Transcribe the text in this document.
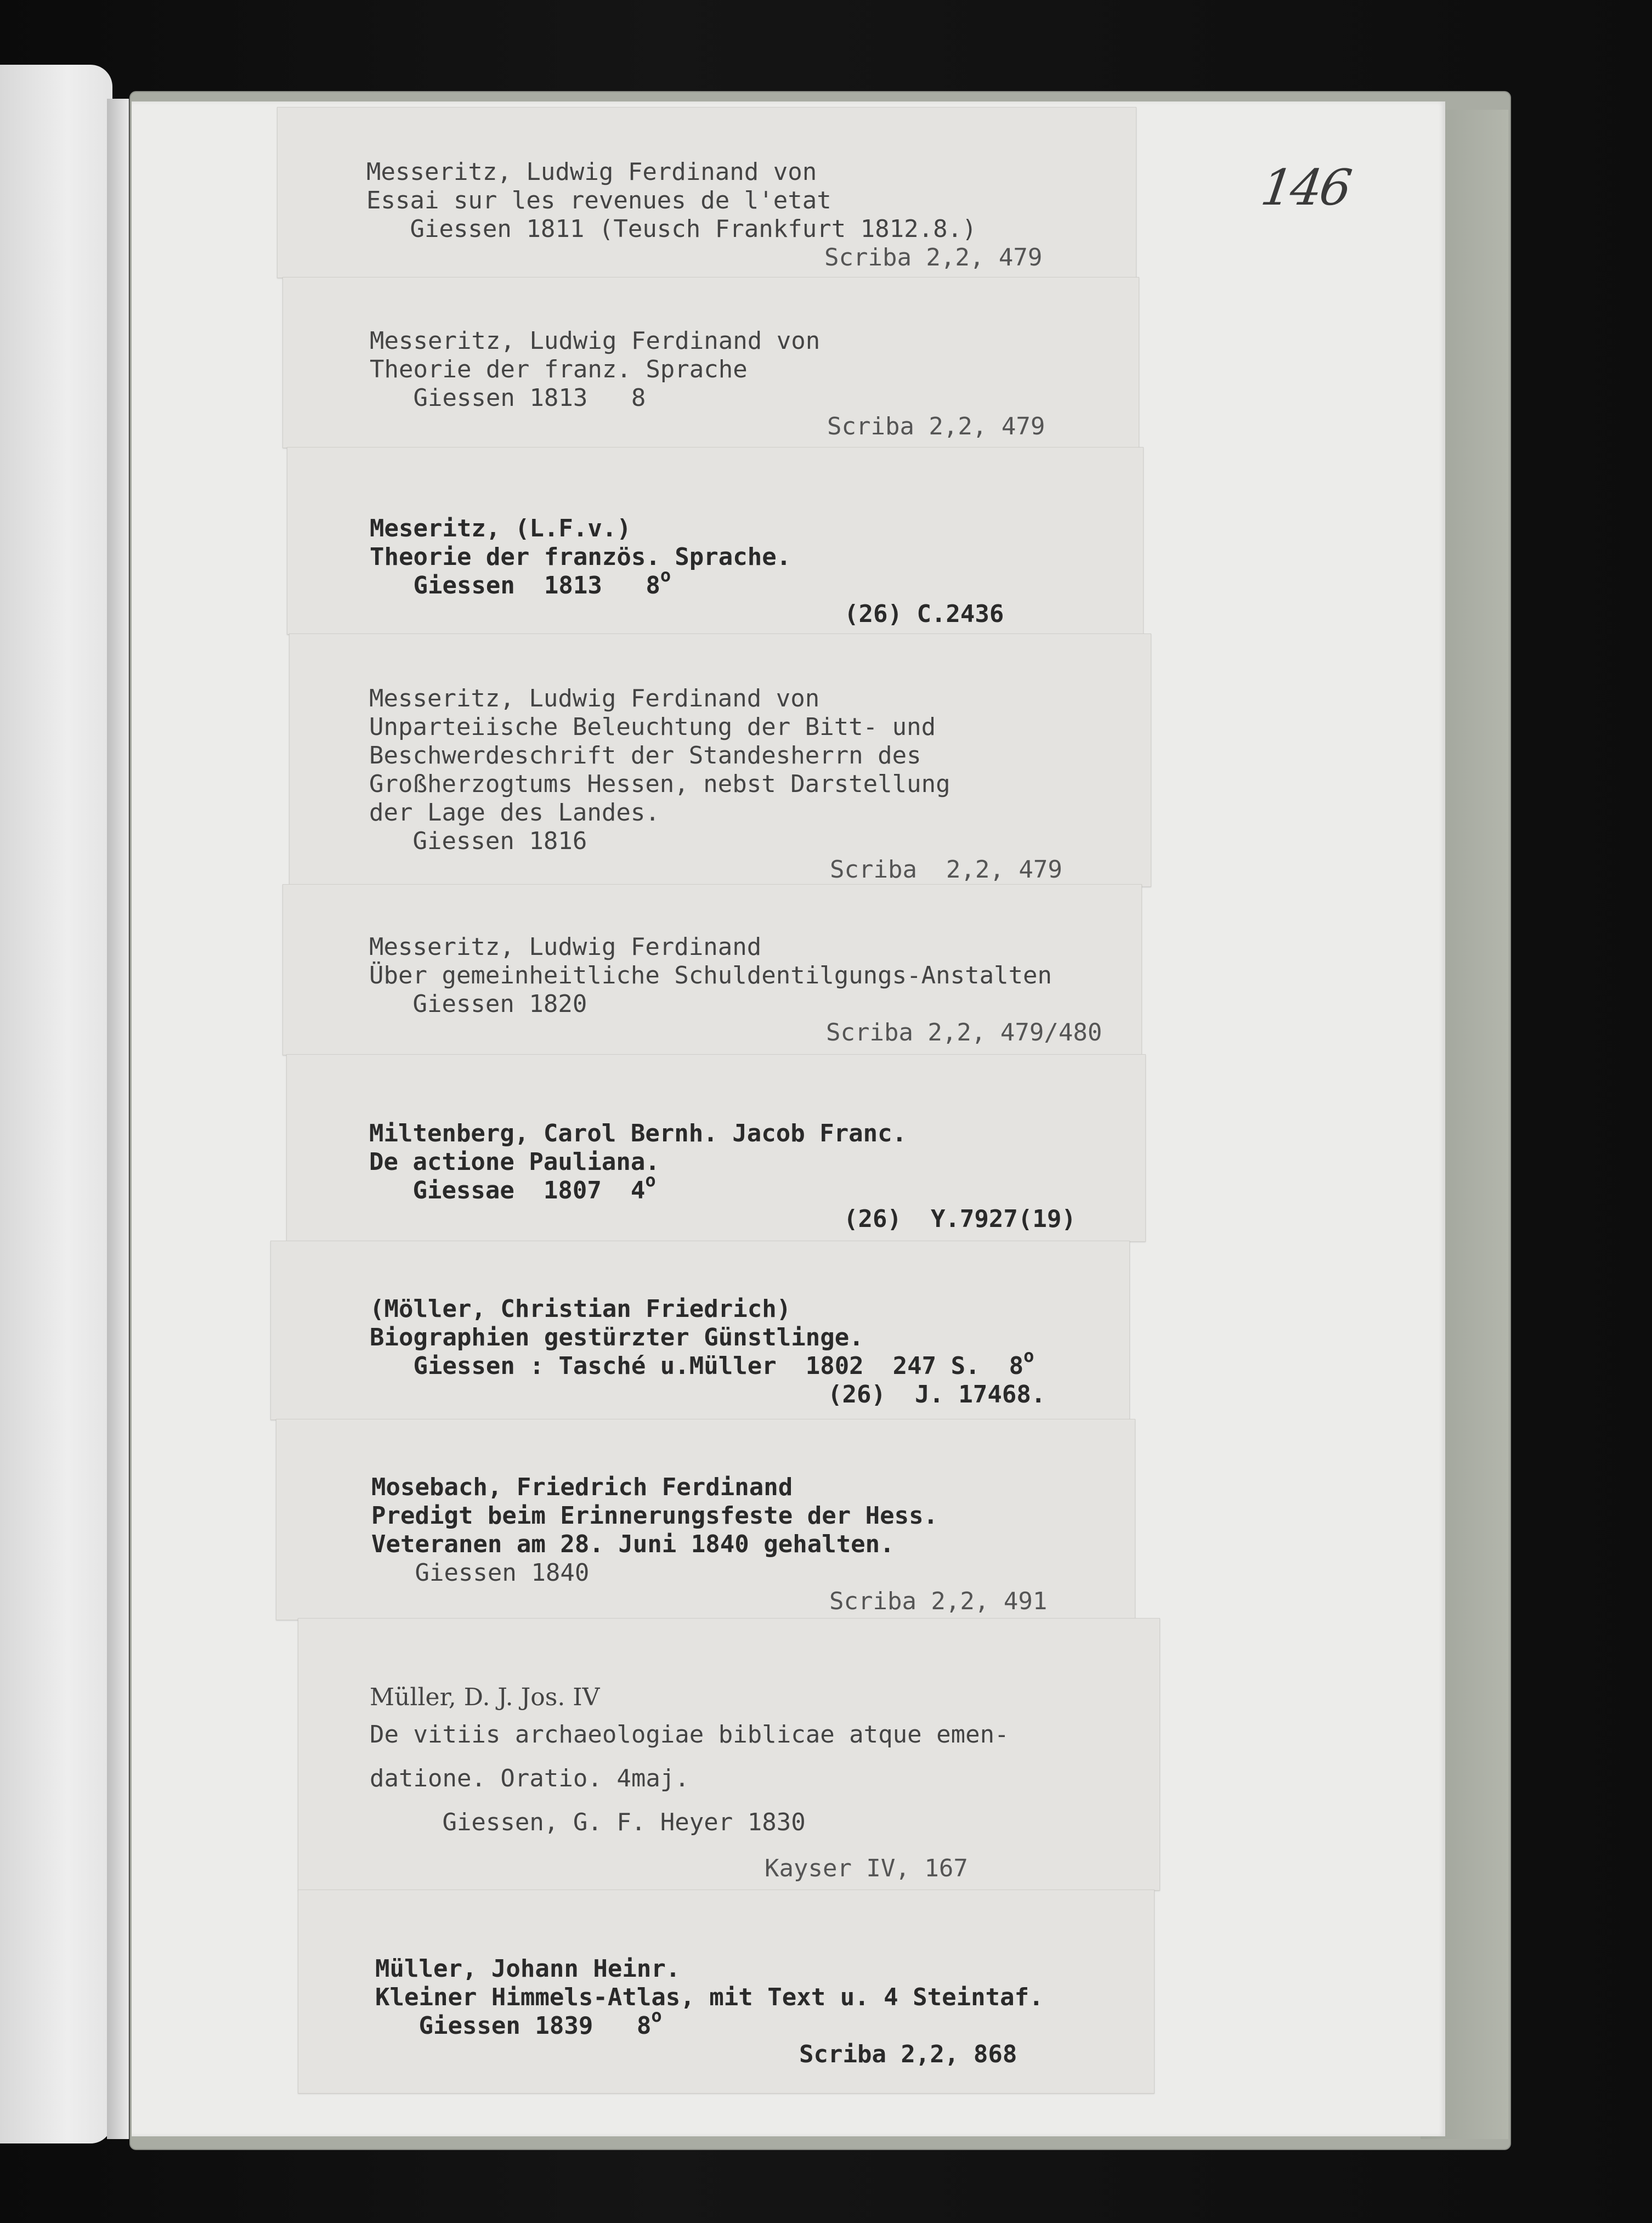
146
Messeritz, Ludwig Ferdinand von
Essai sur les revenues de l'etat
Giessen 1811 (Teusch Frankfurt 1812.8.)
Scriba 2,2, 479
Messeritz, Ludwig Ferdinand von
Theorie der franz. Sprache
Giessen 1813   8
Scriba 2,2, 479
Meseritz, (L.F.v.)
Theorie der französ. Sprache.
Giessen  1813   8$^o$
(26) C.2436
Messeritz, Ludwig Ferdinand von
Unparteiische Beleuchtung der Bitt- und
Beschwerdeschrift der Standesherrn des
Großherzogtums Hessen, nebst Darstellung
der Lage des Landes.
Giessen 1816
Scriba  2,2, 479
Messeritz, Ludwig Ferdinand
Über gemeinheitliche Schuldentilgungs-Anstalten
Giessen 1820
Scriba 2,2, 479/480
Miltenberg, Carol Bernh. Jacob Franc.
De actione Pauliana.
Giessae  1807  4$^o$
(26)  Y.7927(19)
(Möller, Christian Friedrich)
Biographien gestürzter Günstlinge.
Giessen : Tasché u.Müller  1802  247 S.  8$^o$
(26)  J. 17468.
Mosebach, Friedrich Ferdinand
Predigt beim Erinnerungsfeste der Hess.
Veteranen am 28. Juni 1840 gehalten.
Giessen 1840
Scriba 2,2, 491
Müller, D. J. Jos. IV
De vitiis archaeologiae biblicae atque emen-
datione. Oratio. 4maj.
Giessen, G. F. Heyer 1830
Kayser IV, 167
Müller, Johann Heinr.
Kleiner Himmels-Atlas, mit Text u. 4 Steintaf.
Giessen 1839   8$^o$
Scriba 2,2, 868
